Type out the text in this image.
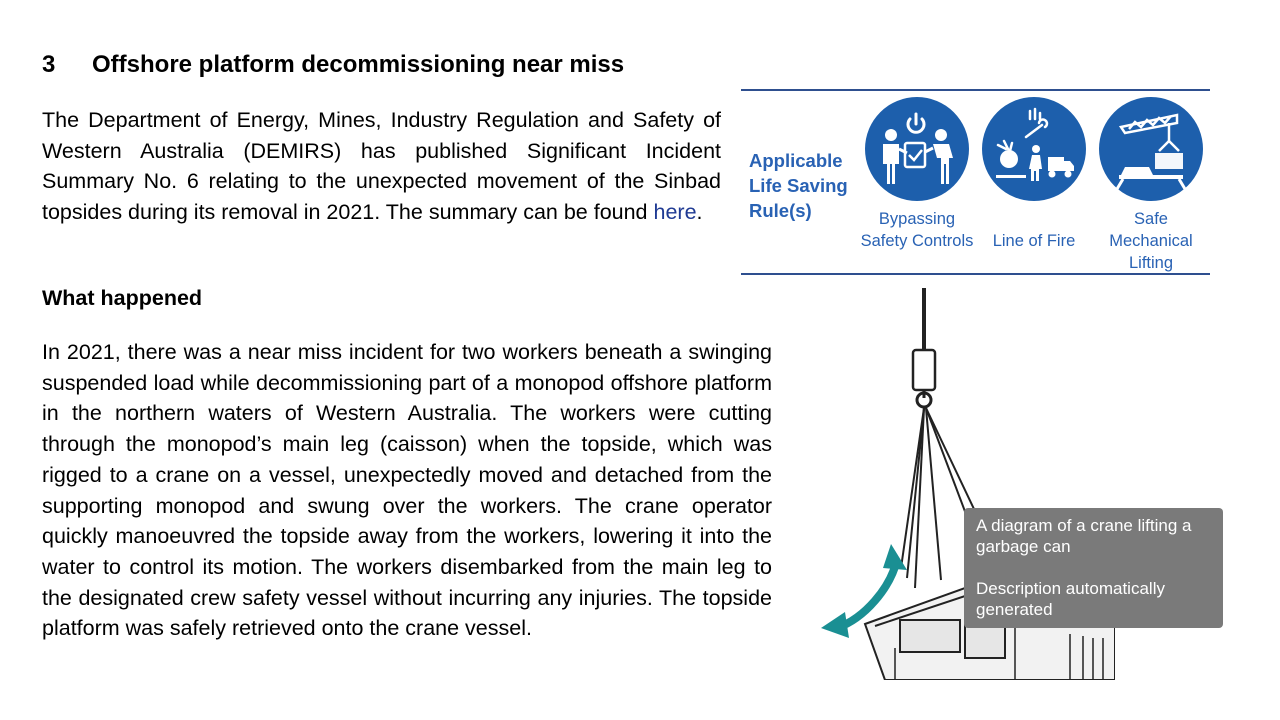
3 Offshore platform decommissioning near miss

The Department of Energy, Mines, Industry Regulation and Safety of Western Australia (DEMIRS) has published Significant Incident Summary No. 6 relating to the unexpected movement of the Sinbad topsides during its removal in 2021. The summary can be found here.

What happened

In 2021, there was a near miss incident for two workers beneath a swinging suspended load while decommissioning part of a monopod offshore platform in the northern waters of Western Australia. The workers were cutting through the monopod’s main leg (caisson) when the topside, which was rigged to a crane on a vessel, unexpectedly moved and detached from the supporting monopod and swung over the workers. The crane operator quickly manoeuvred the topside away from the workers, lowering it into the water to control its motion. The workers disembarked from the main leg to the designated crew safety vessel without incurring any injuries. The topside platform was safely retrieved onto the crane vessel.

Applicable Life Saving Rule(s)	Bypassing Safety Controls	Line of Fire
Safe Mechanical Lifting

A diagram of a crane lifting a garbage can

Description automatically generated
